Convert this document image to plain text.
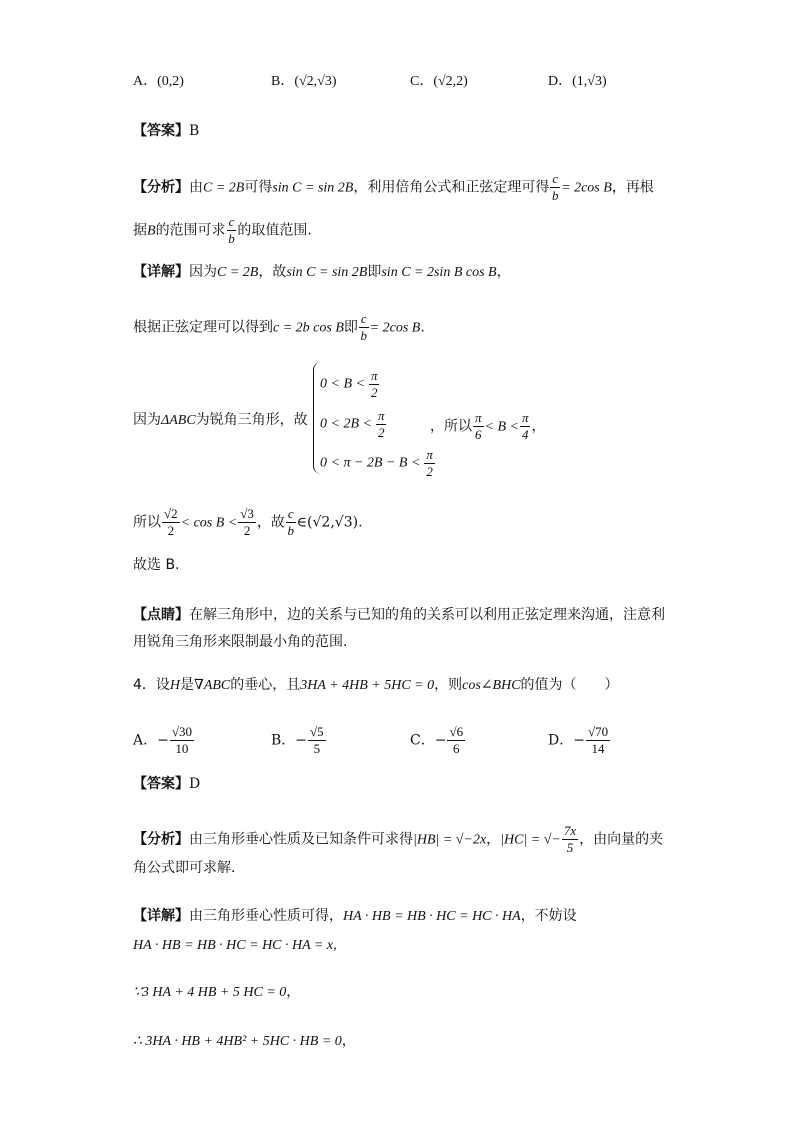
A．(0,2)	B．(√2,√3)	C．(√2,2)	D．(1,√3)
【答案】B
【分析】由C = 2B可得sin C = sin 2B，利用倍角公式和正弦定理可得 $\frac{c}{b} = 2\cos$ B，再根
据B的范围可求 $\frac{c}{b}$ 的取值范围.
【详解】因为C = 2B，故sin C = sin 2B即sin C = 2sin B cos B，
根据正弦定理可以得到c = 2b cos B即 $\frac{c}{b} = 2\cos$ B.
因为ΔABC为锐角三角形，故
$0 < B < \frac{\pi}{2}$
$0 < 2B < \frac{\pi}{2}$
$0 < \pi - 2B - B < \frac{\pi}{2}$
，所以 $\frac{\pi}{6} < B < \frac{\pi}{4}$ ，
所以 $\frac{√2}{2} < \cos B < \frac{√3}{2}$ ，故 $\frac{c}{b}$ ∈(√2,√3).
故选 B.
【点睛】在解三角形中，边的关系与已知的角的关系可以利用正弦定理来沟通，注意利
用锐角三角形来限制最小角的范围.
4．设H是∇ABC的垂心，且3HA + 4HB + 5HC = 0，则cos∠BHC的值为（　　）
A．− $\frac{√30}{10}$	B．− $\frac{√5}{5}$	C．− $\frac{√6}{6}$	D．− $\frac{√70}{14}$
【答案】D
【分析】由三角形垂心性质及已知条件可求得|HB| = √−2x，|HC| = √− $\frac{7x}{5}$ ，由向量的夹
角公式即可求解．
【详解】由三角形垂心性质可得，HA · HB = HB · HC = HC · HA，不妨设
HA · HB = HB · HC = HC · HA = x,
∵3 HA + 4 HB + 5 HC = 0，
∴ 3HA · HB + 4HB² + 5HC · HB = 0，
